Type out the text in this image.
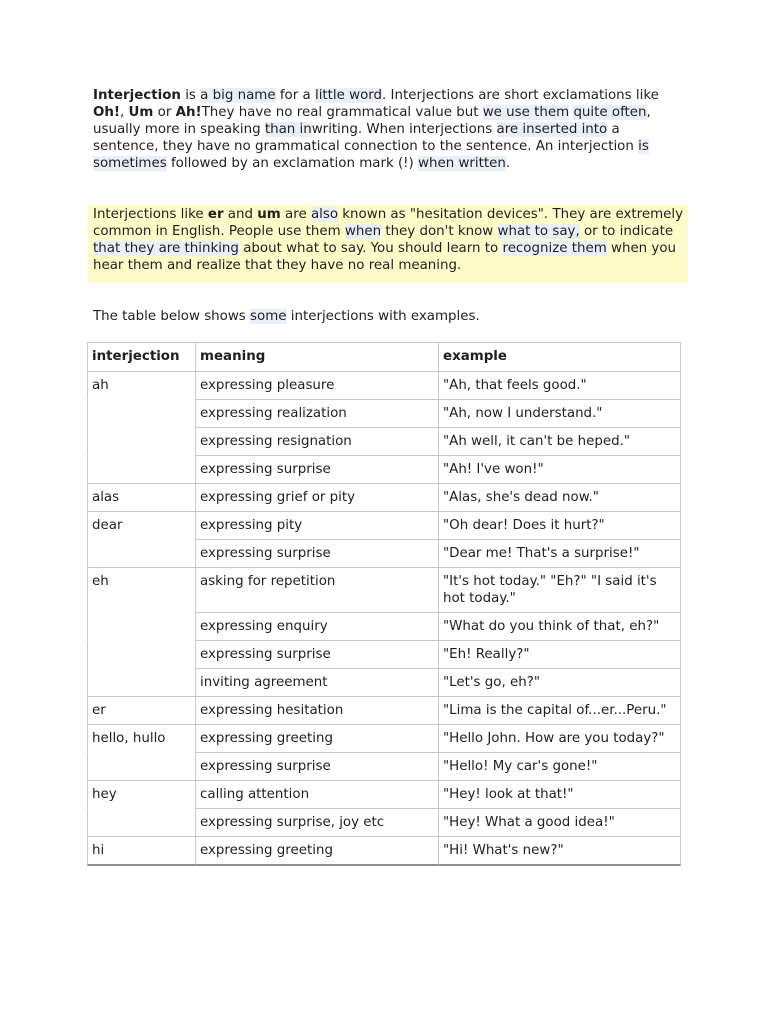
Interjection is a big name for a little word. Interjections are short exclamations like Oh!, Um or Ah!They have no real grammatical value but we use them quite often, usually more in speaking than inwriting. When interjections are inserted into a sentence, they have no grammatical connection to the sentence. An interjection is sometimes followed by an exclamation mark (!) when written.

Interjections like er and um are also known as "hesitation devices". They are extremely common in English. People use them when they don't know what to say, or to indicate that they are thinking about what to say. You should learn to recognize them when you hear them and realize that they have no real meaning.

The table below shows some interjections with examples.

interjection	meaning	example
ah	expressing pleasure	"Ah, that feels good."
	expressing realization	"Ah, now I understand."
	expressing resignation	"Ah well, it can't be heped."
	expressing surprise	"Ah! I've won!"
alas	expressing grief or pity	"Alas, she's dead now."
dear	expressing pity	"Oh dear! Does it hurt?"
	expressing surprise	"Dear me! That's a surprise!"
eh	asking for repetition	"It's hot today." "Eh?" "I said it's hot today."
	expressing enquiry	"What do you think of that, eh?"
	expressing surprise	"Eh! Really?"
	inviting agreement	"Let's go, eh?"
er	expressing hesitation	"Lima is the capital of...er...Peru."
hello, hullo	expressing greeting	"Hello John. How are you today?"
	expressing surprise	"Hello! My car's gone!"
hey	calling attention	"Hey! look at that!"
	expressing surprise, joy etc	"Hey! What a good idea!"
hi	expressing greeting	"Hi! What's new?"
